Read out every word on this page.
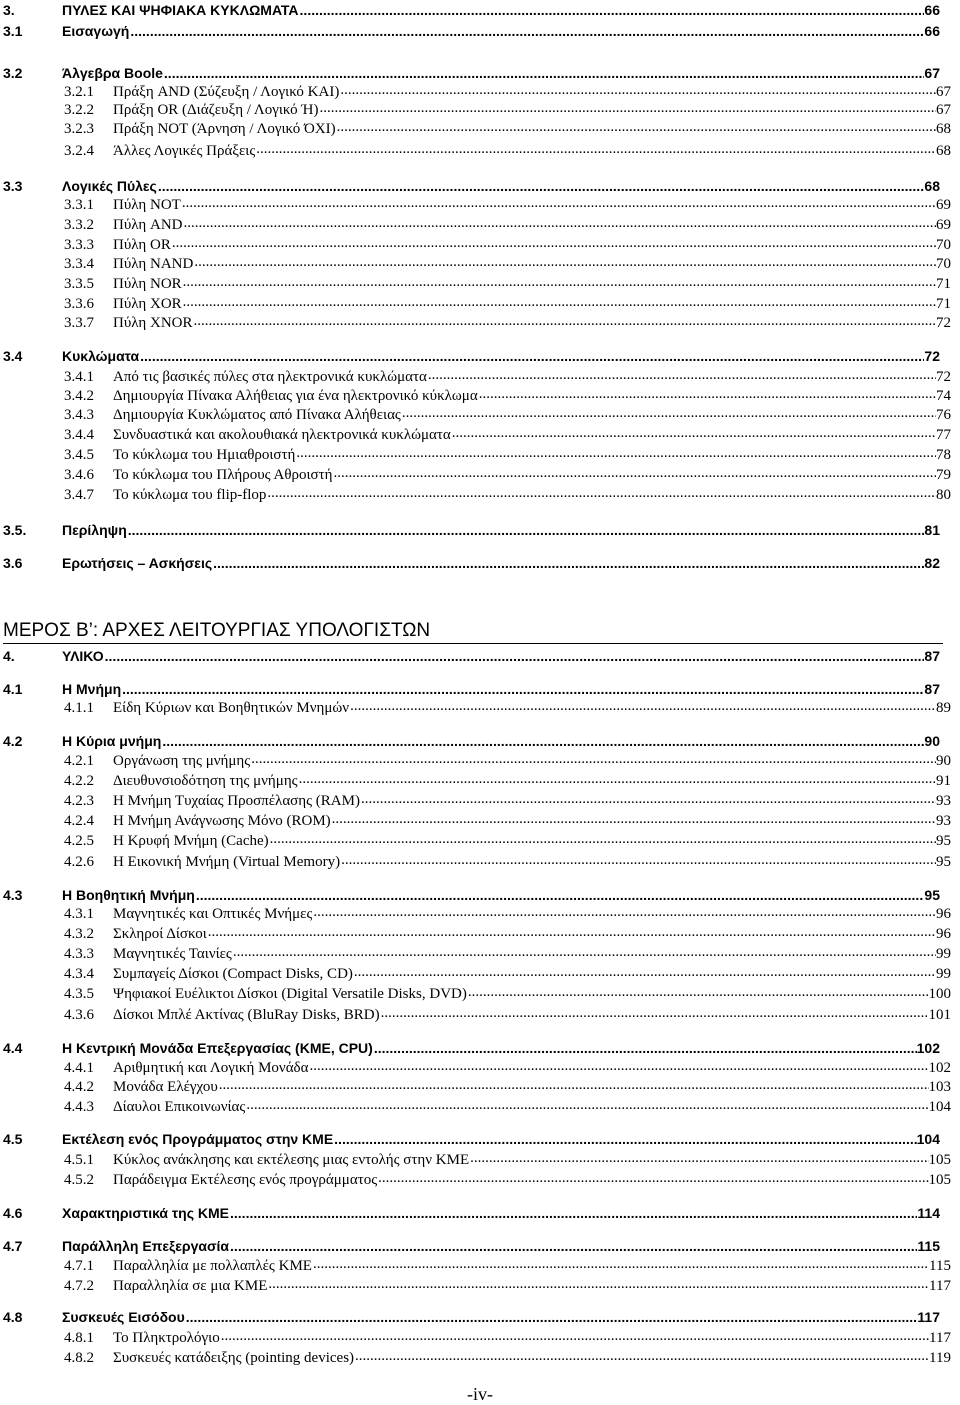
3.	ΠΥΛΕΣ ΚΑΙ ΨΗΦΙΑΚΑ ΚΥΚΛΩΜΑΤΑ .....	66
3.1	Εισαγωγή .....	66
3.2	Άλγεβρα Boole .....	67
3.2.1	Πράξη AND (Σύζευξη / Λογικό ΚΑΙ) .....	67
3.2.2	Πράξη OR (Διάζευξη / Λογικό Ή) .....	67
3.2.3	Πράξη NOT (Άρνηση / Λογικό ΌΧΙ) .....	68
3.2.4	Άλλες Λογικές Πράξεις .....	68
3.3	Λογικές Πύλες .....	68
3.3.1	Πύλη NOT .....	69
3.3.2	Πύλη AND .....	69
3.3.3	Πύλη OR .....	70
3.3.4	Πύλη NAND .....	70
3.3.5	Πύλη NOR .....	71
3.3.6	Πύλη XOR .....	71
3.3.7	Πύλη XNOR .....	72
3.4	Κυκλώματα .....	72
3.4.1	Από τις βασικές πύλες στα ηλεκτρονικά κυκλώματα .....	72
3.4.2	Δημιουργία Πίνακα Αλήθειας για ένα ηλεκτρονικό κύκλωμα .....	74
3.4.3	Δημιουργία Κυκλώματος από Πίνακα Αλήθειας .....	76
3.4.4	Συνδυαστικά και ακολουθιακά ηλεκτρονικά κυκλώματα .....	77
3.4.5	Το κύκλωμα του Ημιαθροιστή .....	78
3.4.6	Το κύκλωμα του Πλήρους Αθροιστή .....	79
3.4.7	Το κύκλωμα του flip-flop .....	80
3.5.	Περίληψη .....	81
3.6	Ερωτήσεις – Ασκήσεις .....	82
4.	ΥΛΙΚΟ .....	87
4.1	Η Μνήμη .....	87
4.1.1	Είδη Κύριων και Βοηθητικών Μνημών .....	89
4.2	Η Κύρια μνήμη .....	90
4.2.1	Οργάνωση της μνήμης .....	90
4.2.2	Διευθυνσιοδότηση της μνήμης .....	91
4.2.3	Η Μνήμη Τυχαίας Προσπέλασης (RAM) .....	93
4.2.4	Η Μνήμη Ανάγνωσης Μόνο (ROM) .....	93
4.2.5	Η Κρυφή Μνήμη (Cache) .....	95
4.2.6	Η Εικονική Μνήμη (Virtual Memory) .....	95
4.3	Η Βοηθητική Μνήμη .....	95
4.3.1	Μαγνητικές και Οπτικές Μνήμες .....	96
4.3.2	Σκληροί Δίσκοι .....	96
4.3.3	Μαγνητικές Ταινίες .....	99
4.3.4	Συμπαγείς Δίσκοι (Compact Disks, CD) .....	99
4.3.5	Ψηφιακοί Ευέλικτοι Δίσκοι (Digital Versatile Disks, DVD) .....	100
4.3.6	Δίσκοι Μπλέ Ακτίνας (BluRay Disks, BRD) .....	101
4.4	Η Κεντρική Μονάδα Επεξεργασίας (ΚΜΕ, CPU) .....	102
4.4.1	Αριθμητική και Λογική Μονάδα .....	102
4.4.2	Μονάδα Ελέγχου .....	103
4.4.3	Δίαυλοι Επικοινωνίας .....	104
4.5	Εκτέλεση ενός Προγράμματος στην ΚΜΕ .....	104
4.5.1	Κύκλος ανάκλησης και εκτέλεσης μιας εντολής στην ΚΜΕ .....	105
4.5.2	Παράδειγμα Εκτέλεσης ενός προγράμματος .....	105
4.6	Χαρακτηριστικά της ΚΜΕ .....	114
4.7	Παράλληλη Επεξεργασία .....	115
4.7.1	Παραλληλία με πολλαπλές ΚΜΕ .....	115
4.7.2	Παραλληλία σε μια ΚΜΕ .....	117
4.8	Συσκευές Εισόδου .....	117
4.8.1	Το Πληκτρολόγιο .....	117
4.8.2	Συσκευές κατάδειξης (pointing devices) .....	119
ΜΕΡΟΣ Β’: ΑΡΧΕΣ ΛΕΙΤΟΥΡΓΙΑΣ ΥΠΟΛΟΓΙΣΤΩΝ
-iv-
